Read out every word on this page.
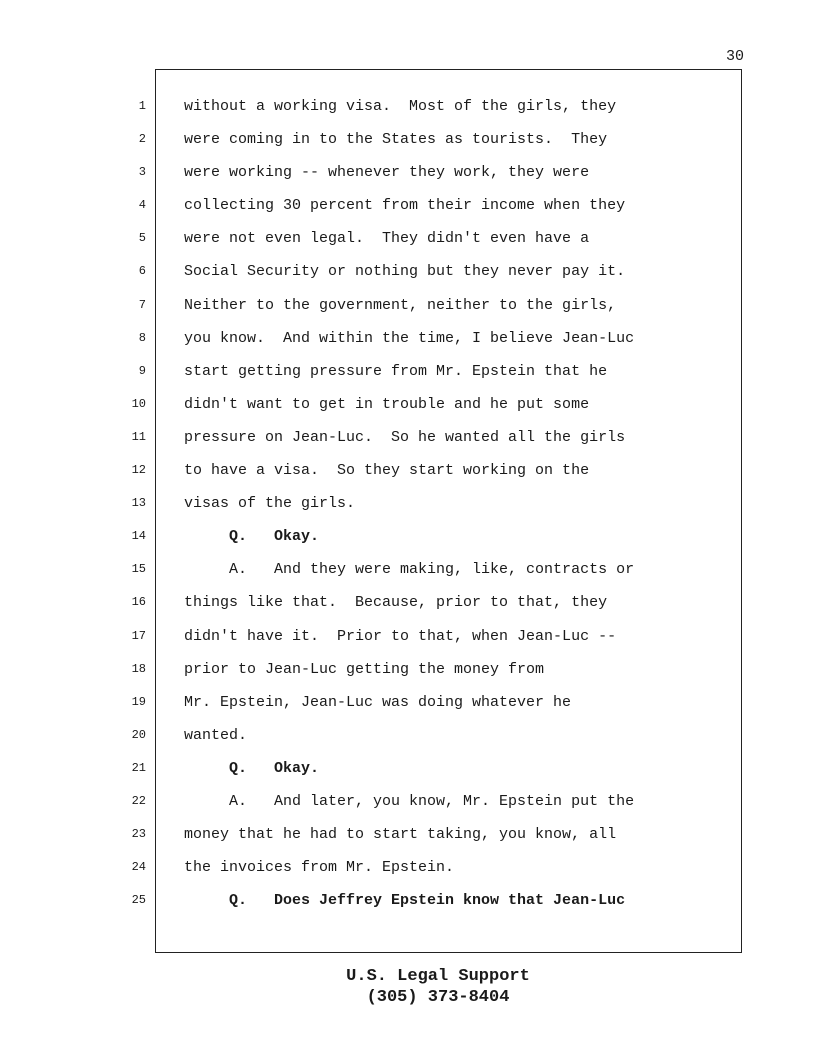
30
1
2
3
4
5
6
7
8
9
10
11
12
13
14
15
16
17
18
19
20
21
22
23
24
25
without a working visa.  Most of the girls, they
were coming in to the States as tourists.  They
were working -- whenever they work, they were
collecting 30 percent from their income when they
were not even legal.  They didn't even have a
Social Security or nothing but they never pay it.
Neither to the government, neither to the girls,
you know.  And within the time, I believe Jean-Luc
start getting pressure from Mr. Epstein that he
didn't want to get in trouble and he put some
pressure on Jean-Luc.  So he wanted all the girls
to have a visa.  So they start working on the
visas of the girls.
Q.   Okay.
A.   And they were making, like, contracts or
things like that.  Because, prior to that, they
didn't have it.  Prior to that, when Jean-Luc --
prior to Jean-Luc getting the money from
Mr. Epstein, Jean-Luc was doing whatever he
wanted.
Q.   Okay.
A.   And later, you know, Mr. Epstein put the
money that he had to start taking, you know, all
the invoices from Mr. Epstein.
Q.   Does Jeffrey Epstein know that Jean-Luc
U.S. Legal Support
(305) 373-8404
